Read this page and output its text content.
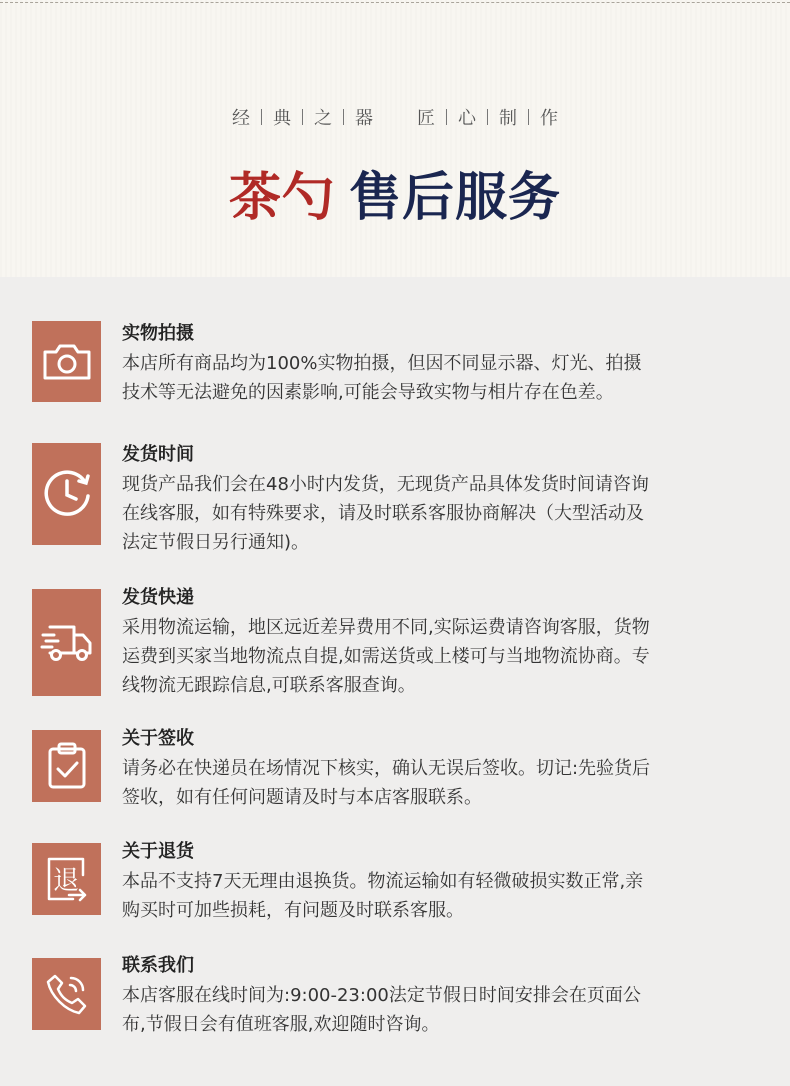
经	典	之	器	匠	心	制	作
茶勺 售后服务
实物拍摄
本店所有商品均为100%实物拍摄，但因不同显示器、灯光、拍摄
技术等无法避免的因素影响,可能会导致实物与相片存在色差。
发货时间
现货产品我们会在48小时内发货，无现货产品具体发货时间请咨询
在线客服，如有特殊要求，请及时联系客服协商解决（大型活动及
法定节假日另行通知)。
发货快递
采用物流运输，地区远近差异费用不同,实际运费请咨询客服，货物
运费到买家当地物流点自提,如需送货或上楼可与当地物流协商。专
线物流无跟踪信息,可联系客服查询。
关于签收
请务必在快递员在场情况下核实，确认无误后签收。切记:先验货后
签收，如有任何问题请及时与本店客服联系。
退
关于退货
本品不支持7天无理由退换货。物流运输如有轻微破损实数正常,亲
购买时可加些损耗，有问题及时联系客服。
联系我们
本店客服在线时间为:9:00-23:00法定节假日时间安排会在页面公
布,节假日会有值班客服,欢迎随时咨询。
